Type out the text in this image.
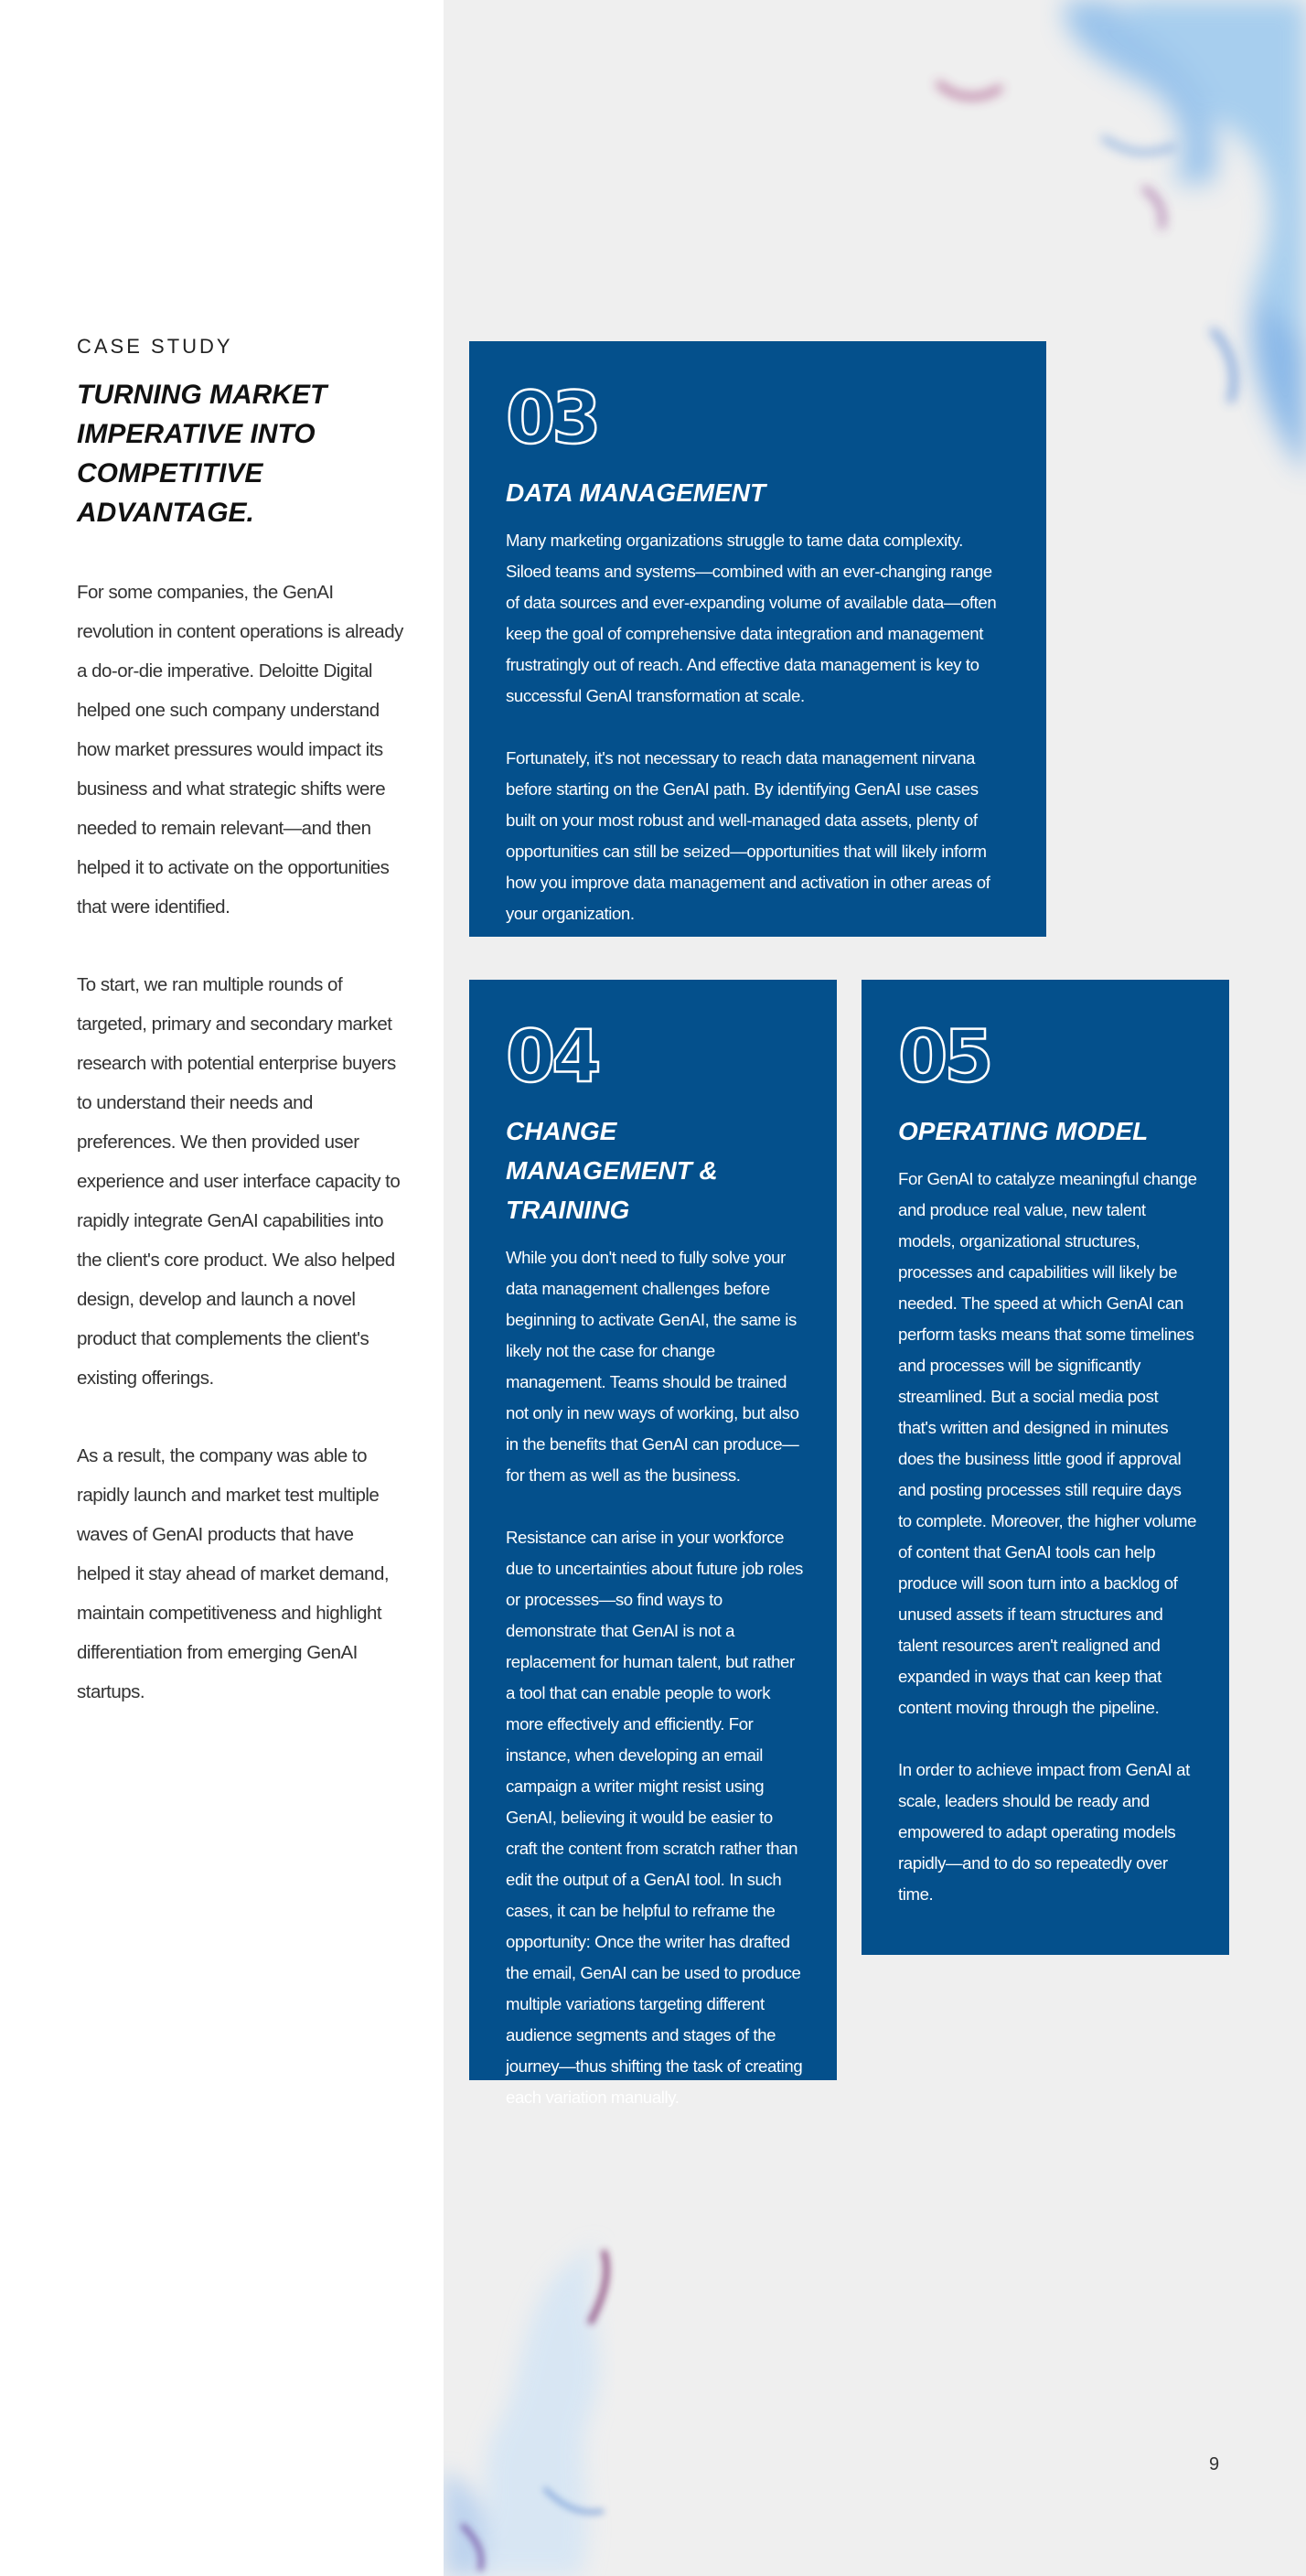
CASE STUDY
TURNING MARKET IMPERATIVE INTO COMPETITIVE ADVANTAGE.

For some companies, the GenAI revolution in content operations is already a do-or-die imperative. Deloitte Digital helped one such company understand how market pressures would impact its business and what strategic shifts were needed to remain relevant—and then helped it to activate on the opportunities that were identified.

To start, we ran multiple rounds of targeted, primary and secondary market research with potential enterprise buyers to understand their needs and preferences. We then provided user experience and user interface capacity to rapidly integrate GenAI capabilities into the client's core product. We also helped design, develop and launch a novel product that complements the client's existing offerings.

As a result, the company was able to rapidly launch and market test multiple waves of GenAI products that have helped it stay ahead of market demand, maintain competitiveness and highlight differentiation from emerging GenAI startups.

03
DATA MANAGEMENT

Many marketing organizations struggle to tame data complexity. Siloed teams and systems—combined with an ever-changing range of data sources and ever-expanding volume of available data—often keep the goal of comprehensive data integration and management frustratingly out of reach. And effective data management is key to successful GenAI transformation at scale.

Fortunately, it's not necessary to reach data management nirvana before starting on the GenAI path. By identifying GenAI use cases built on your most robust and well-managed data assets, plenty of opportunities can still be seized—opportunities that will likely inform how you improve data management and activation in other areas of your organization.

04
CHANGE MANAGEMENT & TRAINING

While you don't need to fully solve your data management challenges before beginning to activate GenAI, the same is likely not the case for change management. Teams should be trained not only in new ways of working, but also in the benefits that GenAI can produce—for them as well as the business.

Resistance can arise in your workforce due to uncertainties about future job roles or processes—so find ways to demonstrate that GenAI is not a replacement for human talent, but rather a tool that can enable people to work more effectively and efficiently. For instance, when developing an email campaign a writer might resist using GenAI, believing it would be easier to craft the content from scratch rather than edit the output of a GenAI tool. In such cases, it can be helpful to reframe the opportunity: Once the writer has drafted the email, GenAI can be used to produce multiple variations targeting different audience segments and stages of the journey—thus shifting the task of creating each variation manually.

05
OPERATING MODEL

For GenAI to catalyze meaningful change and produce real value, new talent models, organizational structures, processes and capabilities will likely be needed. The speed at which GenAI can perform tasks means that some timelines and processes will be significantly streamlined. But a social media post that's written and designed in minutes does the business little good if approval and posting processes still require days to complete. Moreover, the higher volume of content that GenAI tools can help produce will soon turn into a backlog of unused assets if team structures and talent resources aren't realigned and expanded in ways that can keep that content moving through the pipeline.

In order to achieve impact from GenAI at scale, leaders should be ready and empowered to adapt operating models rapidly—and to do so repeatedly over time.

9
